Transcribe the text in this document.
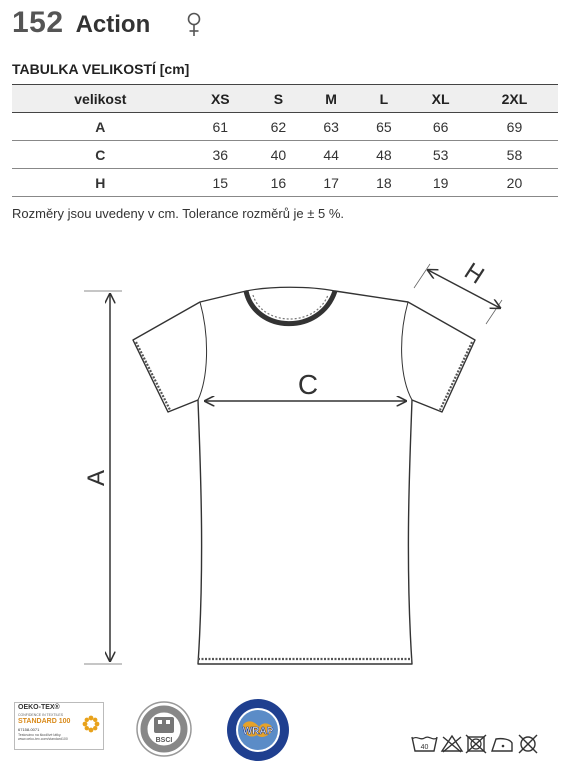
152 Action
TABULKA VELIKOSTÍ [cm]
velikost	XS	S	M	L	XL	2XL
A	61	62	63	65	66	69
C	36	40	44	48	53	58
H	15	16	17	18	19	20
Rozměry jsou uvedeny v cm. Tolerance rozměrů je ± 5 %.
A
C
H
OEKO-TEX®
CONFIDENCE IN TEXTILES
STANDARD 100
67158-0071
Testováno na škodlivé látky. www.oeko-tex.com/standard100	BSCI
WRAP
40
